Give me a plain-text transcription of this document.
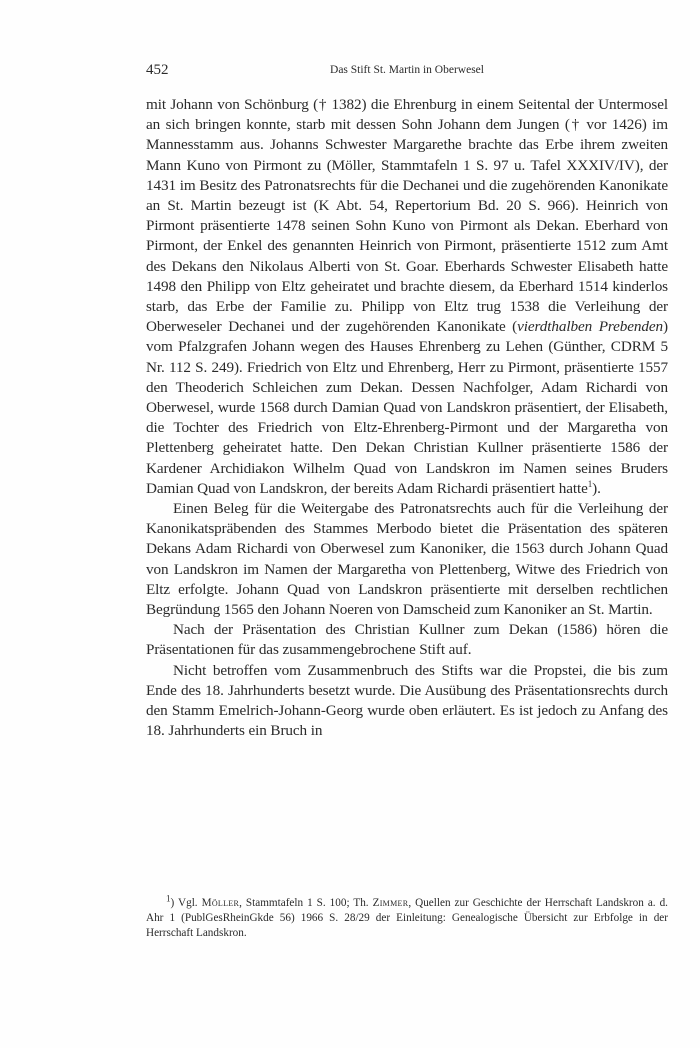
452	Das Stift St. Martin in Oberwesel

mit Johann von Schönburg († 1382) die Ehrenburg in einem Seitental der Untermosel an sich bringen konnte, starb mit dessen Sohn Johann dem Jungen († vor 1426) im Mannesstamm aus. Johanns Schwester Margarethe brachte das Erbe ihrem zweiten Mann Kuno von Pirmont zu (Möller, Stammtafeln 1 S. 97 u. Tafel XXXIV/IV), der 1431 im Besitz des Patronatsrechts für die Dechanei und die zugehörenden Kanonikate an St. Martin bezeugt ist (K Abt. 54, Repertorium Bd. 20 S. 966). Heinrich von Pirmont präsentierte 1478 seinen Sohn Kuno von Pirmont als Dekan. Eberhard von Pirmont, der Enkel des genannten Heinrich von Pirmont, präsentierte 1512 zum Amt des Dekans den Nikolaus Alberti von St. Goar. Eberhards Schwester Elisabeth hatte 1498 den Philipp von Eltz geheiratet und brachte diesem, da Eberhard 1514 kinderlos starb, das Erbe der Familie zu. Philipp von Eltz trug 1538 die Verleihung der Oberweseler Dechanei und der zugehörenden Kanonikate (vierdthalben Prebenden) vom Pfalzgrafen Johann wegen des Hauses Ehrenberg zu Lehen (Günther, CDRM 5 Nr. 112 S. 249). Friedrich von Eltz und Ehrenberg, Herr zu Pirmont, präsentierte 1557 den Theoderich Schleichen zum Dekan. Dessen Nachfolger, Adam Richardi von Oberwesel, wurde 1568 durch Damian Quad von Landskron präsentiert, der Elisabeth, die Tochter des Friedrich von Eltz-Ehrenberg-Pirmont und der Margaretha von Plettenberg geheiratet hatte. Den Dekan Christian Kullner präsentierte 1586 der Kardener Archidiakon Wilhelm Quad von Landskron im Namen seines Bruders Damian Quad von Landskron, der bereits Adam Richardi präsentiert hatte$^1$).

Einen Beleg für die Weitergabe des Patronatsrechts auch für die Verleihung der Kanonikatspräbenden des Stammes Merbodo bietet die Präsentation des späteren Dekans Adam Richardi von Oberwesel zum Kanoniker, die 1563 durch Johann Quad von Landskron im Namen der Margaretha von Plettenberg, Witwe des Friedrich von Eltz erfolgte. Johann Quad von Landskron präsentierte mit derselben rechtlichen Begründung 1565 den Johann Noeren von Damscheid zum Kanoniker an St. Martin.

Nach der Präsentation des Christian Kullner zum Dekan (1586) hören die Präsentationen für das zusammengebrochene Stift auf.

Nicht betroffen vom Zusammenbruch des Stifts war die Propstei, die bis zum Ende des 18. Jahrhunderts besetzt wurde. Die Ausübung des Präsentationsrechts durch den Stamm Emelrich-Johann-Georg wurde oben erläutert. Es ist jedoch zu Anfang des 18. Jahrhunderts ein Bruch in

$^1$) Vgl. Möller, Stammtafeln 1 S. 100; Th. Zimmer, Quellen zur Geschichte der Herrschaft Landskron a. d. Ahr 1 (PublGesRheinGkde 56) 1966 S. 28/29 der Einleitung: Genealogische Übersicht zur Erbfolge in der Herrschaft Landskron.
